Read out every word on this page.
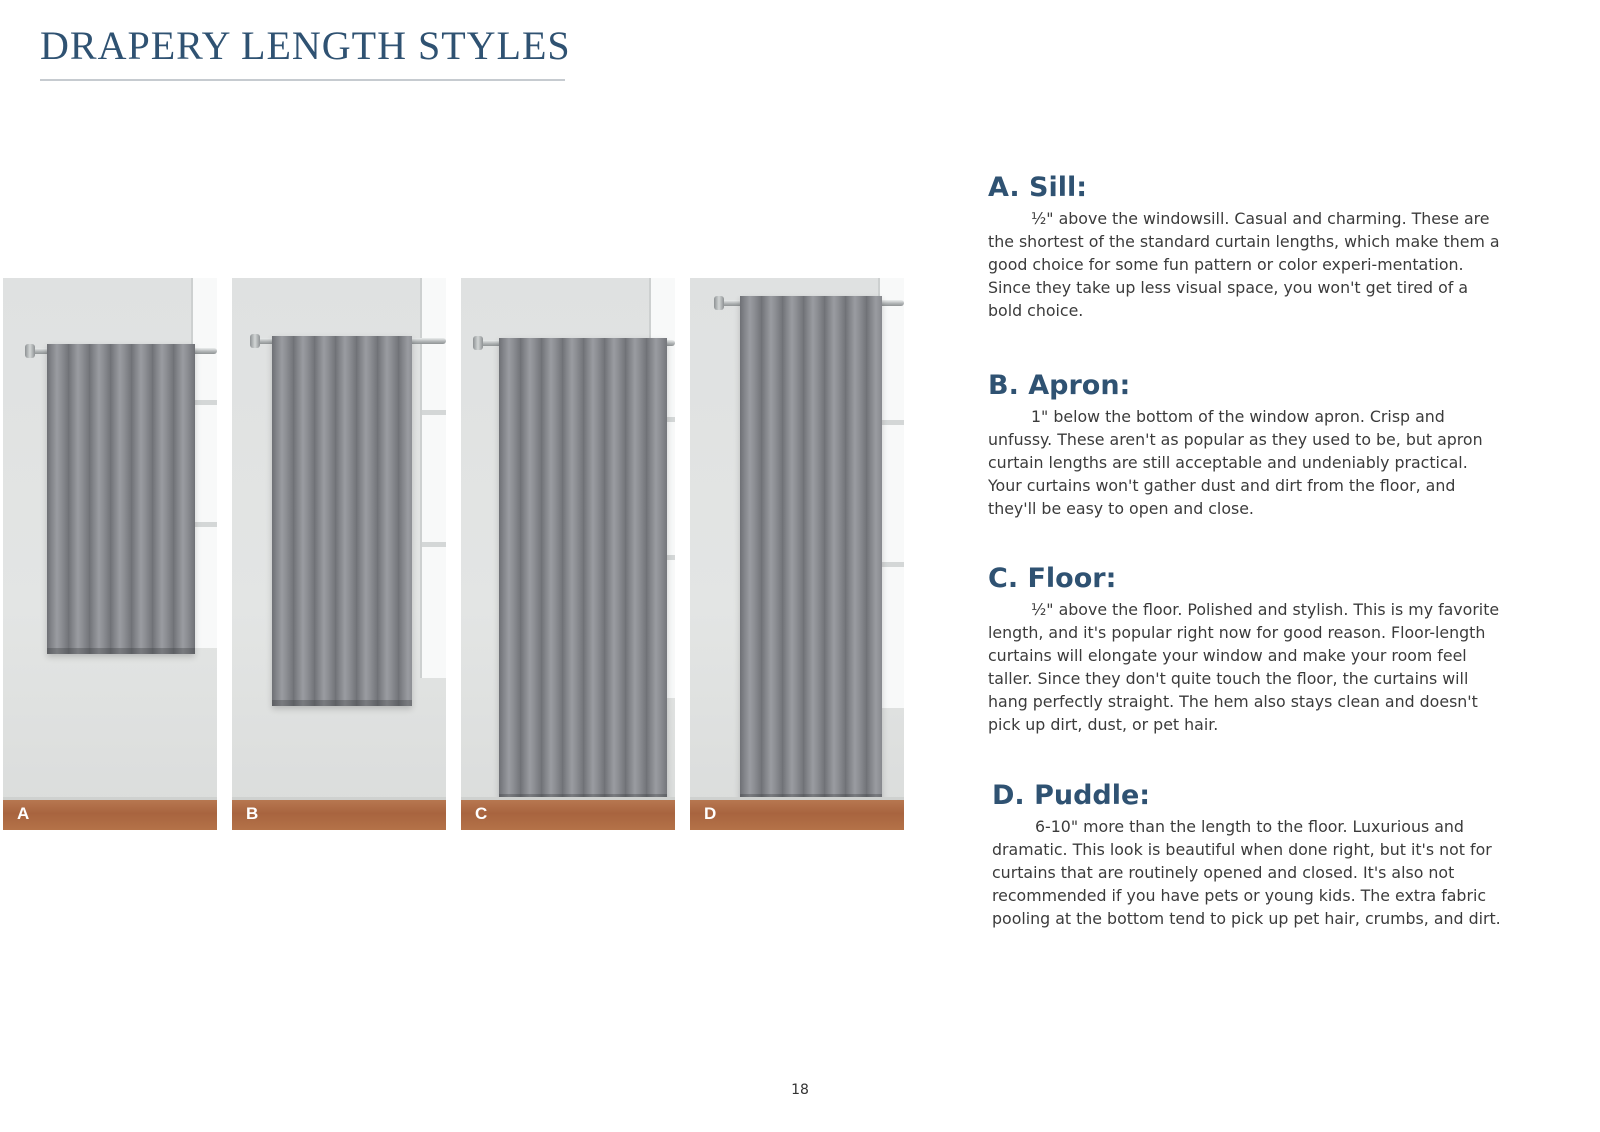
DRAPERY LENGTH STYLES
A	B	C	D
A. Sill:

½" above the windowsill. Casual and charming. These are the shortest of the standard curtain lengths, which make them a good choice for some fun pattern or color experi-mentation. Since they take up less visual space, you won't get tired of a bold choice.

B. Apron:

1" below the bottom of the window apron. Crisp and unfussy. These aren't as popular as they used to be, but apron curtain lengths are still acceptable and undeniably practical. Your curtains won't gather dust and dirt from the floor, and they'll be easy to open and close.

C. Floor:

½" above the floor. Polished and stylish. This is my favorite length, and it's popular right now for good reason. Floor-length curtains will elongate your window and make your room feel taller. Since they don't quite touch the floor, the curtains will hang perfectly straight. The hem also stays clean and doesn't pick up dirt, dust, or pet hair.

D. Puddle:

6-10" more than the length to the floor. Luxurious and dramatic. This look is beautiful when done right, but it's not for curtains that are routinely opened and closed. It's also not recommended if you have pets or young kids. The extra fabric pooling at the bottom tend to pick up pet hair, crumbs, and dirt.

18
